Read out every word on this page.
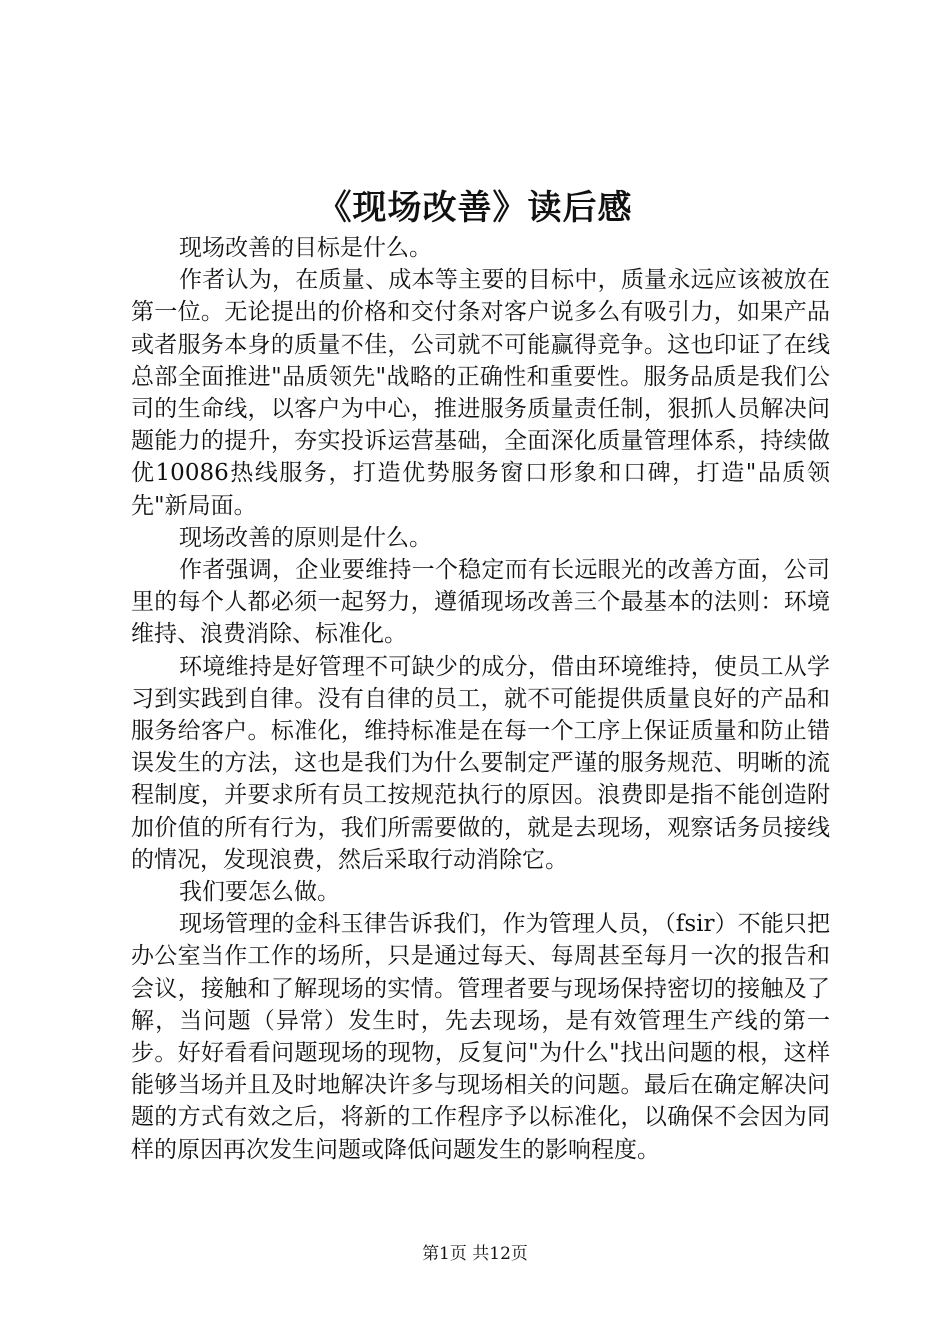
《现场改善》读后感

现场改善的目标是什么。

作者认为，在质量、成本等主要的目标中，质量永远应该被放在第一位。无论提出的价格和交付条对客户说多么有吸引力，如果产品或者服务本身的质量不佳，公司就不可能赢得竞争。这也印证了在线总部全面推进"品质领先"战略的正确性和重要性。服务品质是我们公司的生命线，以客户为中心，推进服务质量责任制，狠抓人员解决问题能力的提升，夯实投诉运营基础，全面深化质量管理体系，持续做优10086热线服务，打造优势服务窗口形象和口碑，打造"品质领先"新局面。

现场改善的原则是什么。

作者强调，企业要维持一个稳定而有长远眼光的改善方面，公司里的每个人都必须一起努力，遵循现场改善三个最基本的法则：环境维持、浪费消除、标准化。

环境维持是好管理不可缺少的成分，借由环境维持，使员工从学习到实践到自律。没有自律的员工，就不可能提供质量良好的产品和服务给客户。标准化，维持标准是在每一个工序上保证质量和防止错误发生的方法，这也是我们为什么要制定严谨的服务规范、明晰的流程制度，并要求所有员工按规范执行的原因。浪费即是指不能创造附加价值的所有行为，我们所需要做的，就是去现场，观察话务员接线的情况，发现浪费，然后采取行动消除它。

我们要怎么做。

现场管理的金科玉律告诉我们，作为管理人员，（fsir）不能只把办公室当作工作的场所，只是通过每天、每周甚至每月一次的报告和会议，接触和了解现场的实情。管理者要与现场保持密切的接触及了解，当问题（异常）发生时，先去现场，是有效管理生产线的第一步。好好看看问题现场的现物，反复问"为什么"找出问题的根，这样能够当场并且及时地解决许多与现场相关的问题。最后在确定解决问题的方式有效之后，将新的工作程序予以标准化，以确保不会因为同样的原因再次发生问题或降低问题发生的影响程度。

第1页 共12页
